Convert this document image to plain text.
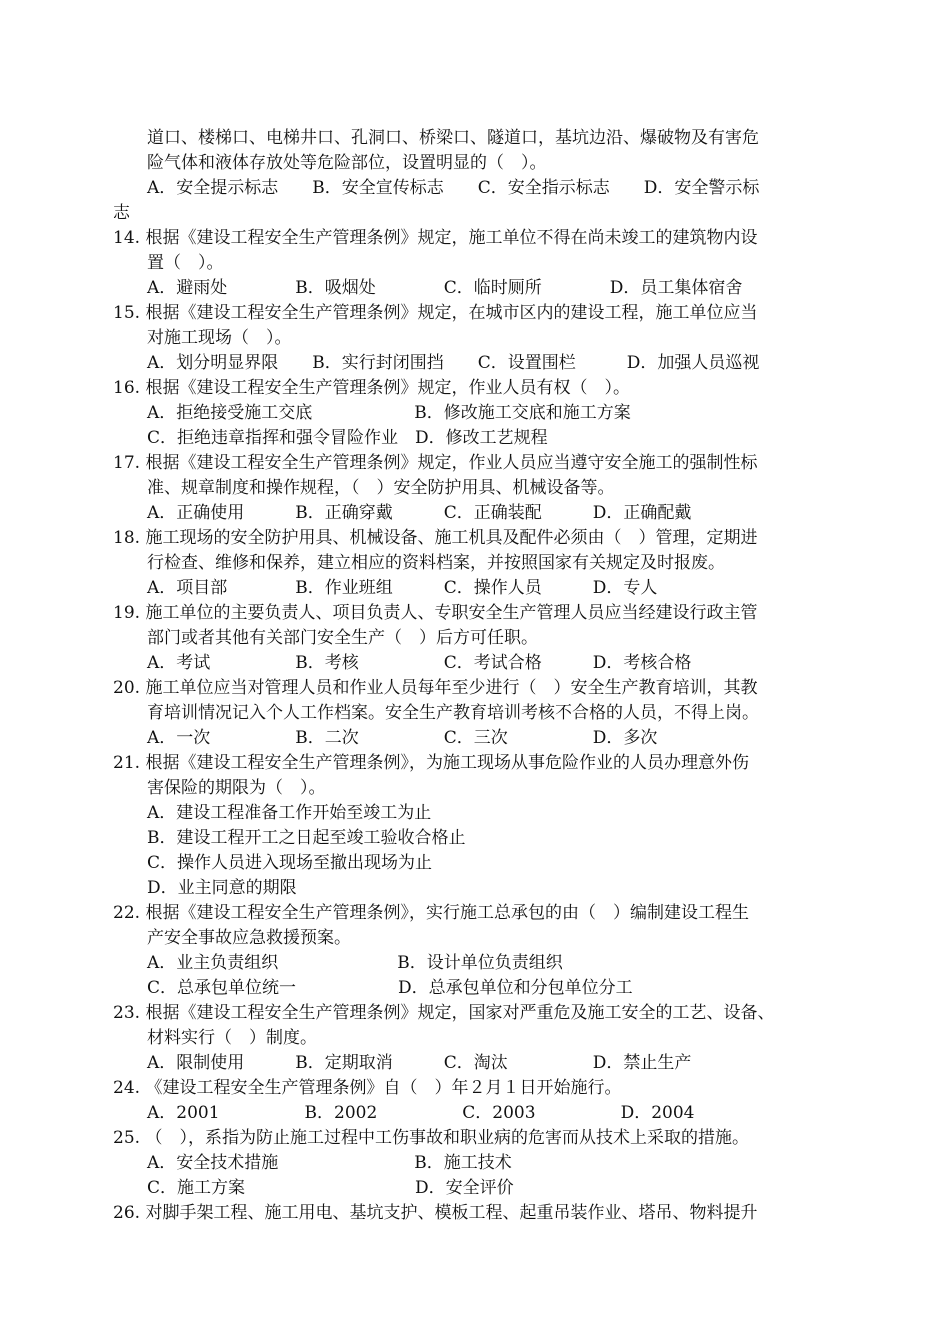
道口、楼梯口、电梯井口、孔洞口、桥梁口、隧道口，基坑边沿、爆破物及有害危
险气体和液体存放处等危险部位，设置明显的（　）。
A．安全提示标志　　B．安全宣传标志　　C．安全指示标志　　D．安全警示标
志
14. 根据《建设工程安全生产管理条例》规定，施工单位不得在尚未竣工的建筑物内设
置（　）。
A．避雨处　　　　B．吸烟处　　　　C．临时厕所　　　　D．员工集体宿舍
15. 根据《建设工程安全生产管理条例》规定，在城市区内的建设工程，施工单位应当
对施工现场（　）。
A．划分明显界限　　B．实行封闭围挡　　C．设置围栏　　　D．加强人员巡视
16. 根据《建设工程安全生产管理条例》规定，作业人员有权（　）。
A．拒绝接受施工交底　　　　　　B．修改施工交底和施工方案
C．拒绝违章指挥和强令冒险作业　D．修改工艺规程
17. 根据《建设工程安全生产管理条例》规定，作业人员应当遵守安全施工的强制性标
准、规章制度和操作规程，（　）安全防护用具、机械设备等。
A．正确使用　　　B．正确穿戴　　　C．正确装配　　　D．正确配戴
18. 施工现场的安全防护用具、机械设备、施工机具及配件必须由（　）管理，定期进
行检查、维修和保养，建立相应的资料档案，并按照国家有关规定及时报废。
A．项目部　　　　B．作业班组　　　C．操作人员　　　D．专人
19. 施工单位的主要负责人、项目负责人、专职安全生产管理人员应当经建设行政主管
部门或者其他有关部门安全生产（　）后方可任职。
A．考试　　　　　B．考核　　　　　C．考试合格　　　D．考核合格
20. 施工单位应当对管理人员和作业人员每年至少进行（　）安全生产教育培训，其教
育培训情况记入个人工作档案。安全生产教育培训考核不合格的人员，不得上岗。
A．一次　　　　　B．二次　　　　　C．三次　　　　　D．多次
21. 根据《建设工程安全生产管理条例》，为施工现场从事危险作业的人员办理意外伤
害保险的期限为（　）。
A．建设工程准备工作开始至竣工为止
B．建设工程开工之日起至竣工验收合格止
C．操作人员进入现场至撤出现场为止
D．业主同意的期限
22. 根据《建设工程安全生产管理条例》，实行施工总承包的由（　）编制建设工程生
产安全事故应急救援预案。
A．业主负责组织　　　　　　　B．设计单位负责组织
C．总承包单位统一　　　　　　D．总承包单位和分包单位分工
23. 根据《建设工程安全生产管理条例》规定，国家对严重危及施工安全的工艺、设备、
材料实行（　）制度。
A．限制使用　　　B．定期取消　　　C．淘汰　　　　　D．禁止生产
24. 《建设工程安全生产管理条例》自（　）年２月１日开始施行。
A．2001　　　　　B．2002　　　　　C．2003　　　　　D．2004
25. （　），系指为防止施工过程中工伤事故和职业病的危害而从技术上采取的措施。
A．安全技术措施　　　　　　　　B．施工技术
C．施工方案　　　　　　　　　　D．安全评价
26. 对脚手架工程、施工用电、基坑支护、模板工程、起重吊装作业、塔吊、物料提升
